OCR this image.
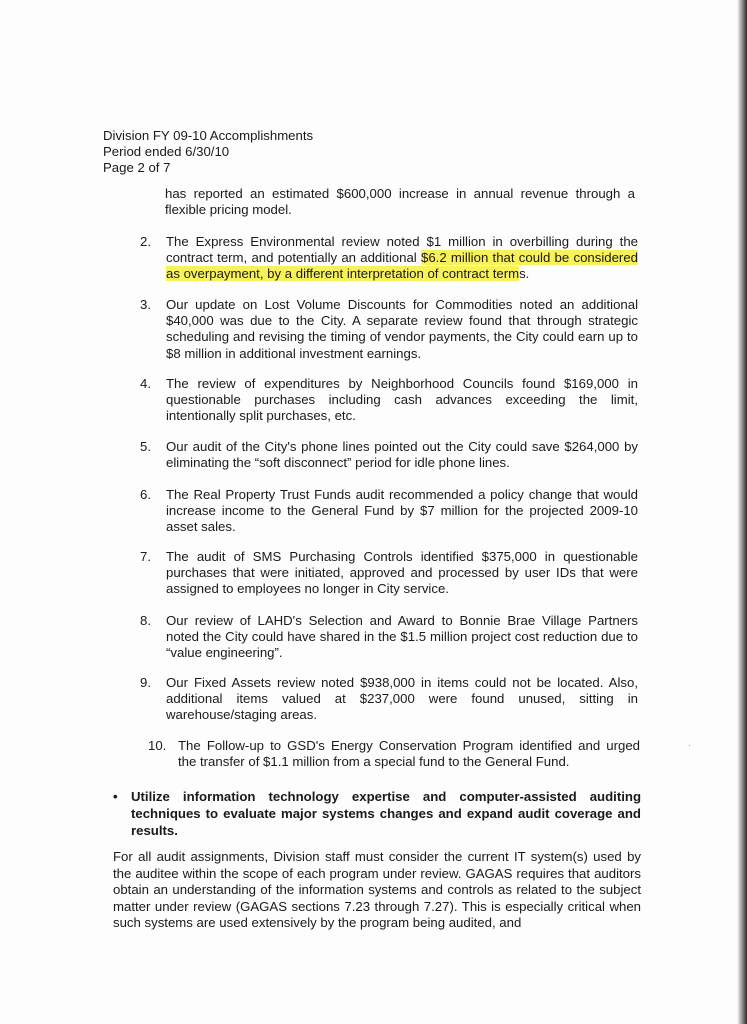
Division FY 09-10 Accomplishments
Period ended 6/30/10
Page 2 of 7
has reported an estimated $600,000 increase in annual revenue through a flexible pricing model.
2.	The Express Environmental review noted $1 million in overbilling during the contract term, and potentially an additional $6.2 million that could be considered as overpayment, by a different interpretation of contract terms.
3.	Our update on Lost Volume Discounts for Commodities noted an additional $40,000 was due to the City. A separate review found that through strategic scheduling and revising the timing of vendor payments, the City could earn up to $8 million in additional investment earnings.
4.	The review of expenditures by Neighborhood Councils found $169,000 in questionable purchases including cash advances exceeding the limit, intentionally split purchases, etc.
5.	Our audit of the City's phone lines pointed out the City could save $264,000 by eliminating the “soft disconnect” period for idle phone lines.
6.	The Real Property Trust Funds audit recommended a policy change that would increase income to the General Fund by $7 million for the projected 2009-10 asset sales.
7.	The audit of SMS Purchasing Controls identified $375,000 in questionable purchases that were initiated, approved and processed by user IDs that were assigned to employees no longer in City service.
8.	Our review of LAHD's Selection and Award to Bonnie Brae Village Partners noted the City could have shared in the $1.5 million project cost reduction due to “value engineering”.
9.	Our Fixed Assets review noted $938,000 in items could not be located. Also, additional items valued at $237,000 were found unused, sitting in warehouse/staging areas.
10. The Follow-up to GSD's Energy Conservation Program identified and urged the transfer of $1.1 million from a special fund to the General Fund.
• Utilize information technology expertise and computer-assisted auditing techniques to evaluate major systems changes and expand audit coverage and results.
For all audit assignments, Division staff must consider the current IT system(s) used by the auditee within the scope of each program under review. GAGAS requires that auditors obtain an understanding of the information systems and controls as related to the subject matter under review (GAGAS sections 7.23 through 7.27). This is especially critical when such systems are used extensively by the program being audited, and
·
